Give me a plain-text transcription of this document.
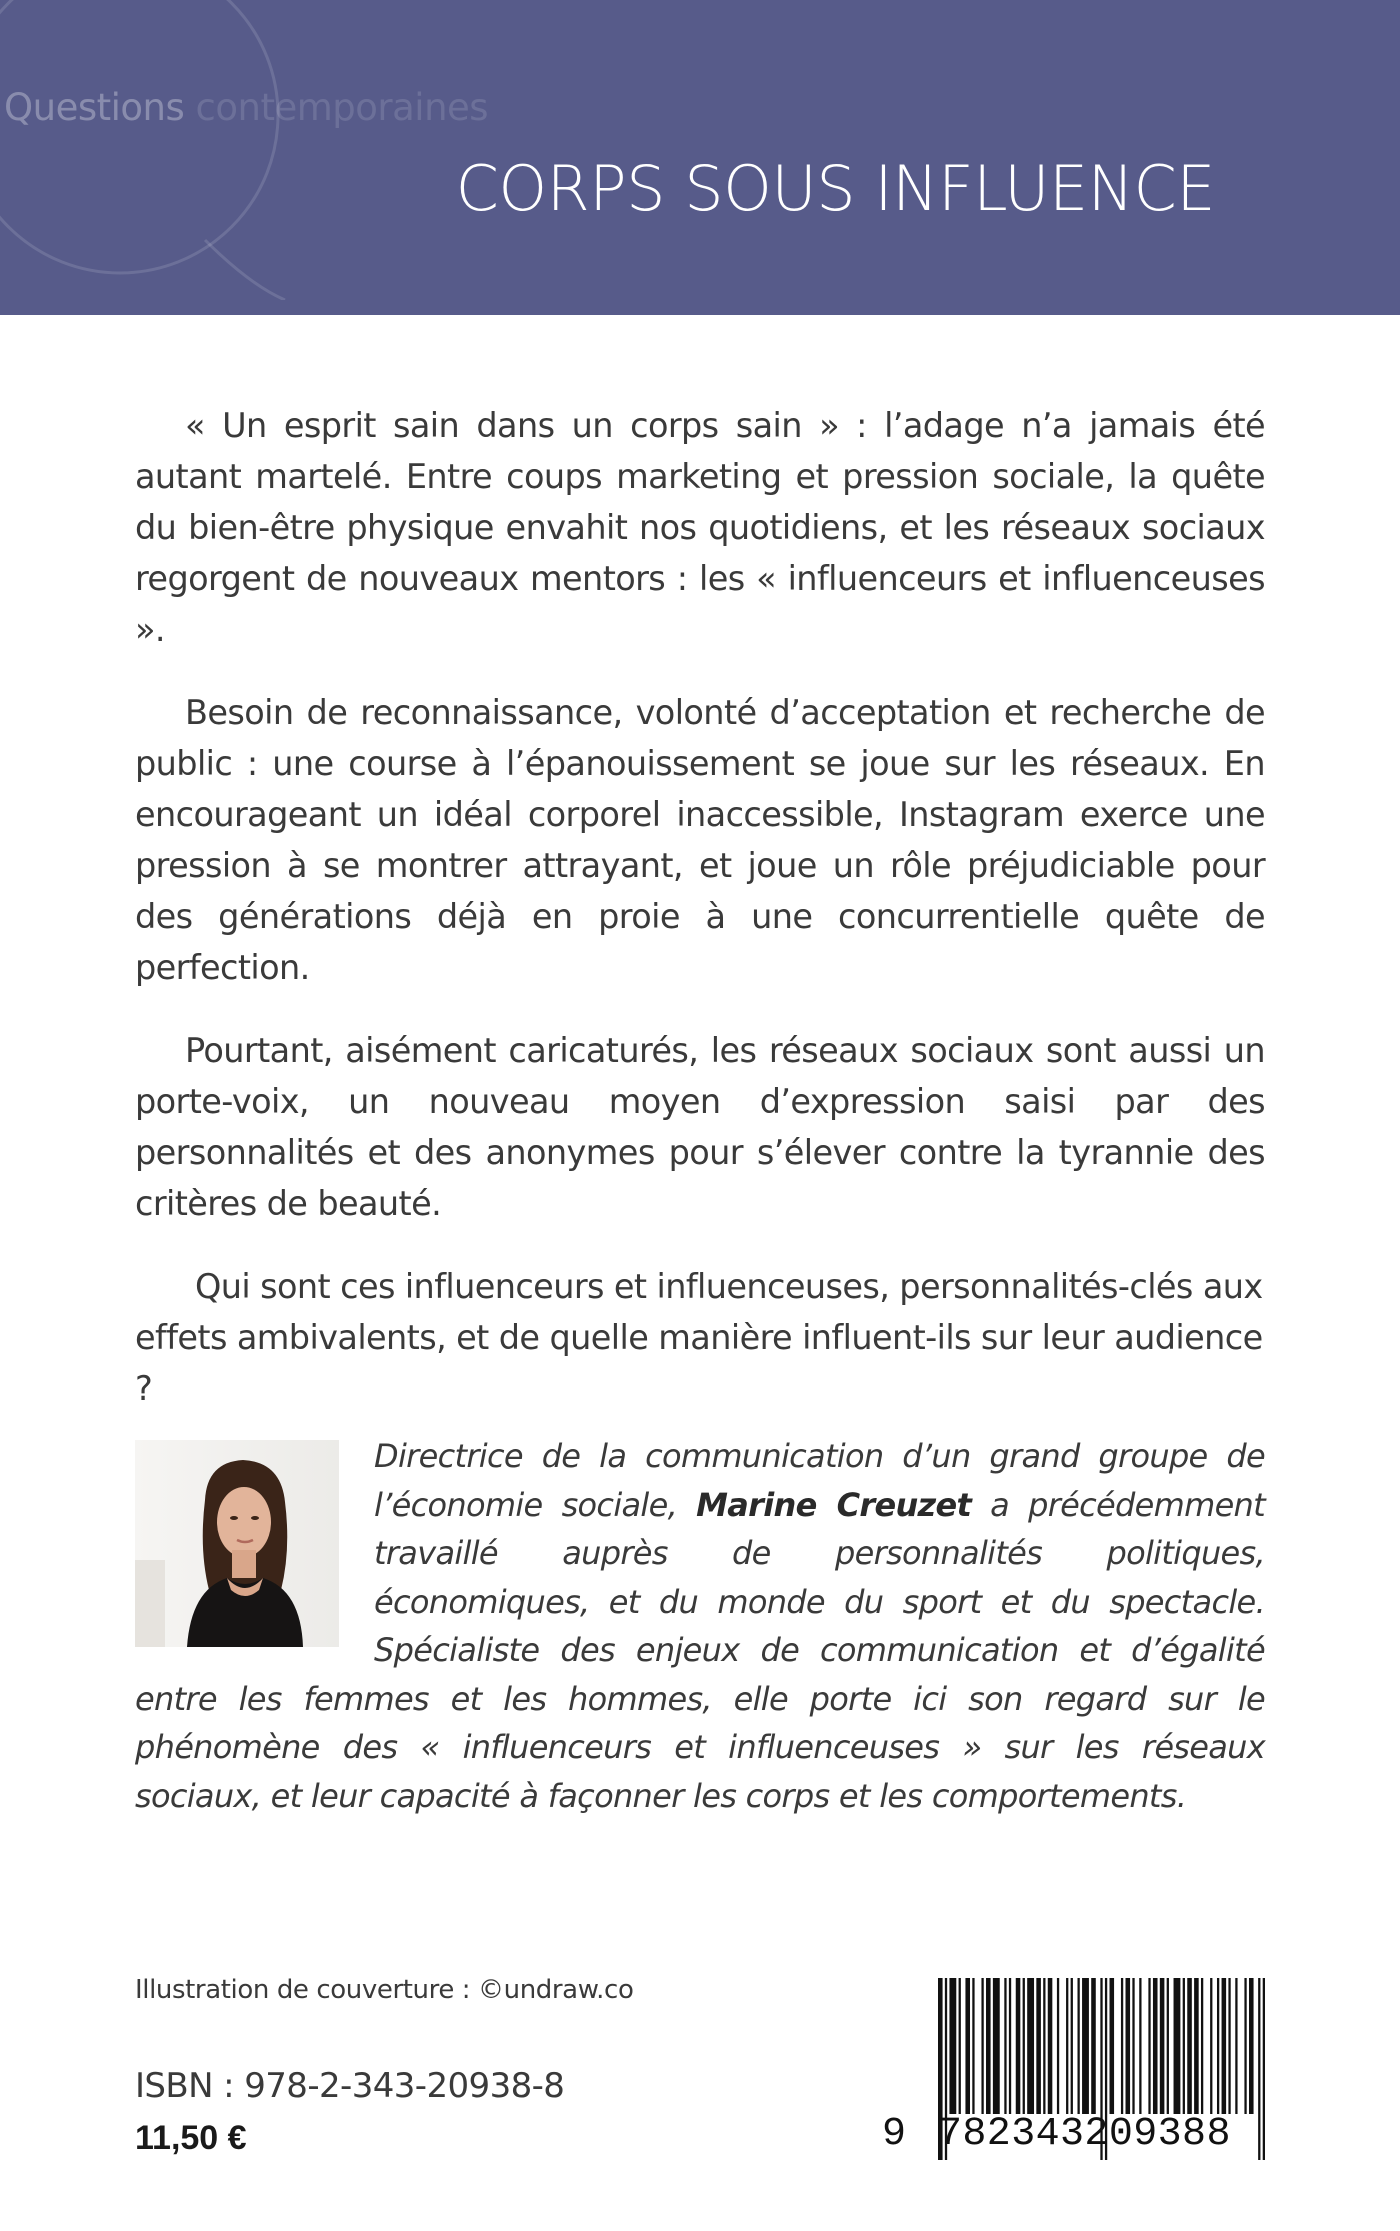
Questions contemporaines
CORPS SOUS INFLUENCE

« Un esprit sain dans un corps sain » : l’adage n’a jamais été autant martelé. Entre coups marketing et pression sociale, la quête du bien-être physique envahit nos quotidiens, et les réseaux sociaux regorgent de nouveaux mentors : les « influenceurs et influenceuses ».

Besoin de reconnaissance, volonté d’acceptation et recherche de public : une course à l’épanouissement se joue sur les réseaux. En encourageant un idéal corporel inaccessible, Instagram exerce une pression à se montrer attrayant, et joue un rôle préjudiciable pour des générations déjà en proie à une concurrentielle quête de perfection.

Pourtant, aisément caricaturés, les réseaux sociaux sont aussi un porte-voix, un nouveau moyen d’expression saisi par des personnalités et des anonymes pour s’élever contre la tyrannie des critères de beauté.

Qui sont ces influenceurs et influenceuses, personnalités-clés aux effets ambivalents, et de quelle manière influent-ils sur leur audience ?

Directrice de la communication d’un grand groupe de l’économie sociale, Marine Creuzet a précédemment travaillé auprès de personnalités politiques, économiques, et du monde du sport et du spectacle. Spécialiste des enjeux de communication et d’égalité entre les femmes et les hommes, elle porte ici son regard sur le phénomène des « influenceurs et influenceuses » sur les réseaux sociaux, et leur capacité à façonner les corps et les comportements.

Illustration de couverture : ©undraw.co
ISBN : 978-2-343-20938-8
11,50 €	9 782343209388
